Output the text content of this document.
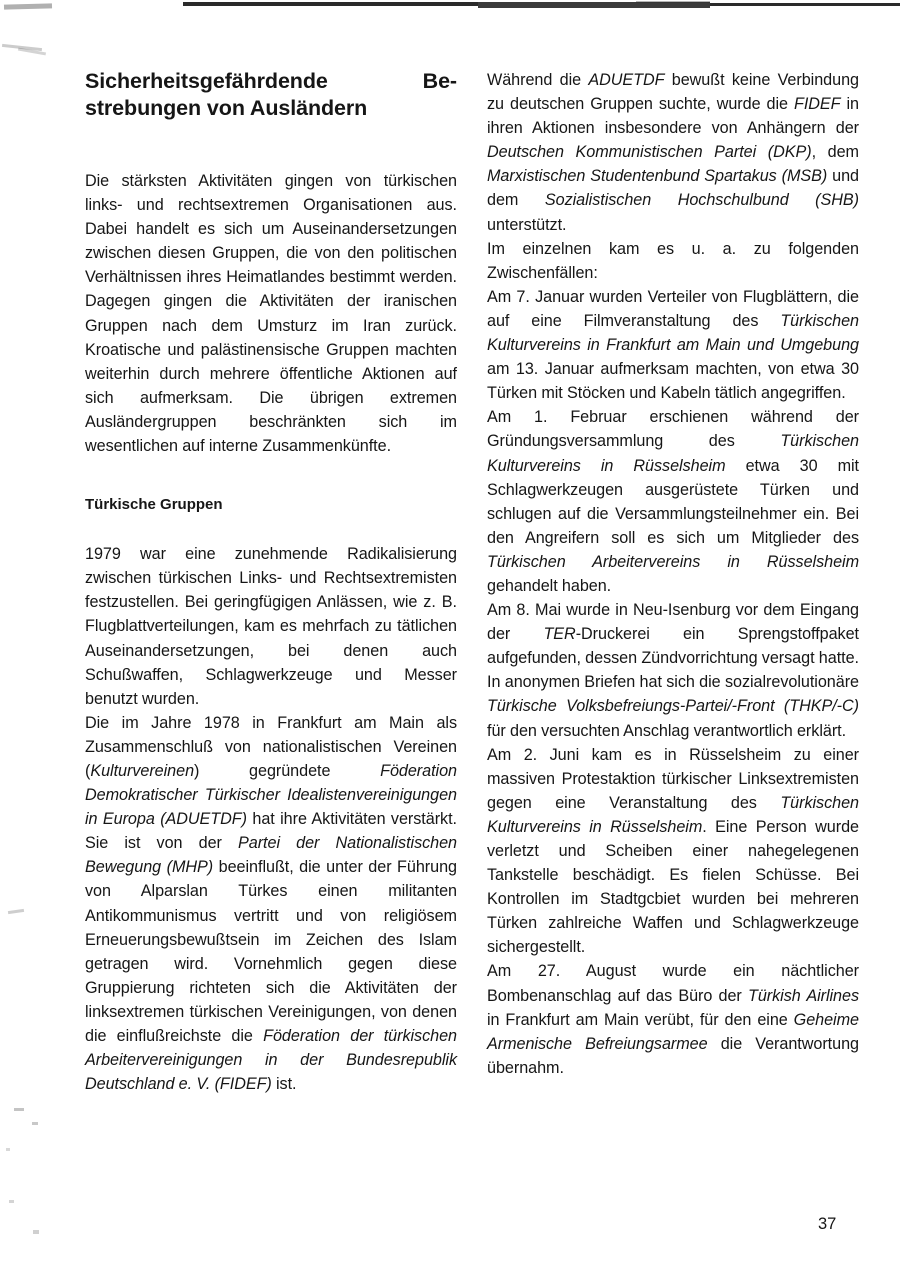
Sicherheitsgefährdende Be-
strebungen von Ausländern

Die stärksten Aktivitäten gingen von türkischen links- und rechtsextremen Organisationen aus. Dabei handelt es sich um Auseinandersetzungen zwischen diesen Gruppen, die von den politischen Verhältnissen ihres Heimatlandes bestimmt werden. Dagegen gingen die Aktivitäten der iranischen Gruppen nach dem Umsturz im Iran zurück. Kroatische und palästinensische Gruppen machten weiterhin durch mehrere öffentliche Aktionen auf sich aufmerksam. Die übrigen extremen Ausländergruppen beschränkten sich im wesentlichen auf interne Zusammenkünfte.

Türkische Gruppen

1979 war eine zunehmende Radikalisierung zwischen türkischen Links- und Rechtsextremisten festzustellen. Bei geringfügigen Anlässen, wie z. B. Flugblattverteilungen, kam es mehrfach zu tätlichen Auseinandersetzungen, bei denen auch Schußwaffen, Schlagwerkzeuge und Messer benutzt wurden.

Die im Jahre 1978 in Frankfurt am Main als Zusammenschluß von nationalistischen Vereinen (Kulturvereinen) gegründete Föderation Demokratischer Türkischer Idealistenvereinigungen in Europa (ADUETDF) hat ihre Aktivitäten verstärkt. Sie ist von der Partei der Nationalistischen Bewegung (MHP) beeinflußt, die unter der Führung von Alparslan Türkes einen militanten Antikommunismus vertritt und von religiösem Erneuerungsbewußtsein im Zeichen des Islam getragen wird. Vornehmlich gegen diese Gruppierung richteten sich die Aktivitäten der linksextremen türkischen Vereinigungen, von denen die einflußreichste die Föderation der türkischen Arbeitervereinigungen in der Bundesrepublik Deutschland e. V. (FIDEF) ist.

Während die ADUETDF bewußt keine Verbindung zu deutschen Gruppen suchte, wurde die FIDEF in ihren Aktionen insbesondere von Anhängern der Deutschen Kommunistischen Partei (DKP), dem Marxistischen Studentenbund Spartakus (MSB) und dem Sozialistischen Hochschulbund (SHB) unterstützt.

Im einzelnen kam es u. a. zu folgenden Zwischenfällen:

Am 7. Januar wurden Verteiler von Flugblättern, die auf eine Filmveranstaltung des Türkischen Kulturvereins in Frankfurt am Main und Umgebung am 13. Januar aufmerksam machten, von etwa 30 Türken mit Stöcken und Kabeln tätlich angegriffen.

Am 1. Februar erschienen während der Gründungsversammlung des Türkischen Kulturvereins in Rüsselsheim etwa 30 mit Schlagwerkzeugen ausgerüstete Türken und schlugen auf die Versammlungsteilnehmer ein. Bei den Angreifern soll es sich um Mitglieder des Türkischen Arbeitervereins in Rüsselsheim gehandelt haben.

Am 8. Mai wurde in Neu-Isenburg vor dem Eingang der TER-Druckerei ein Sprengstoffpaket aufgefunden, dessen Zündvorrichtung versagt hatte. In anonymen Briefen hat sich die sozialrevolutionäre Türkische Volksbefreiungs-Partei/-Front (THKP/-C) für den versuchten Anschlag verantwortlich erklärt.

Am 2. Juni kam es in Rüsselsheim zu einer massiven Protestaktion türkischer Linksextremisten gegen eine Veranstaltung des Türkischen Kulturvereins in Rüsselsheim. Eine Person wurde verletzt und Scheiben einer nahegelegenen Tankstelle beschädigt. Es fielen Schüsse. Bei Kontrollen im Stadtgcbiet wurden bei mehreren Türken zahlreiche Waffen und Schlagwerkzeuge sichergestellt.

Am 27. August wurde ein nächtlicher Bombenanschlag auf das Büro der Türkish Airlines in Frankfurt am Main verübt, für den eine Geheime Armenische Befreiungsarmee die Verantwortung übernahm.

37
